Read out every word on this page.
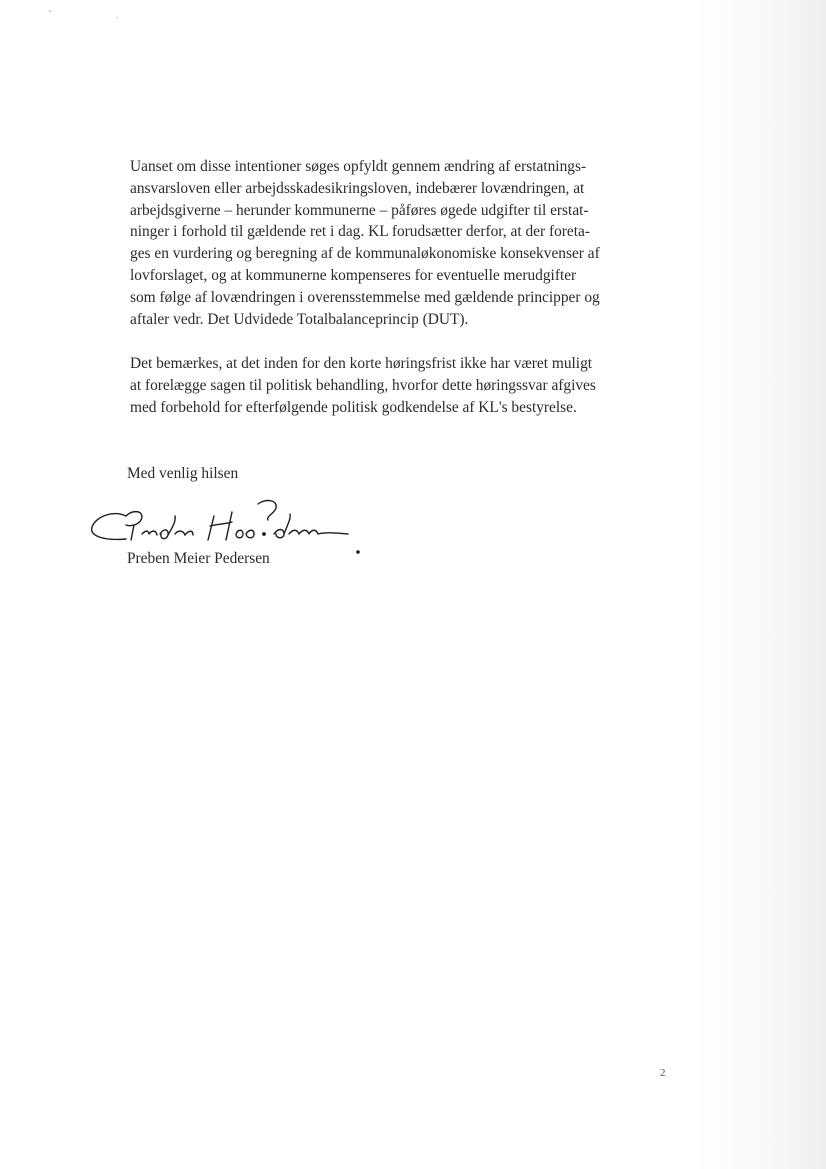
´	·

Uanset om disse intentioner søges opfyldt gennem ændring af erstatnings-
ansvarsloven eller arbejdsskadesikringsloven, indebærer lovændringen, at
arbejdsgiverne – herunder kommunerne – påføres øgede udgifter til erstat-
ninger i forhold til gældende ret i dag. KL forudsætter derfor, at der foreta-
ges en vurdering og beregning af de kommunaløkonomiske konsekvenser af
lovforslaget, og at kommunerne kompenseres for eventuelle merudgifter
som følge af lovændringen i overensstemmelse med gældende principper og
aftaler vedr. Det Udvidede Totalbalanceprincip (DUT).

Det bemærkes, at det inden for den korte høringsfrist ikke har været muligt
at forelægge sagen til politisk behandling, hvorfor dette høringssvar afgives
med forbehold for efterfølgende politisk godkendelse af KL's bestyrelse.

Med venlig hilsen

Preben Meier Pedersen

2
